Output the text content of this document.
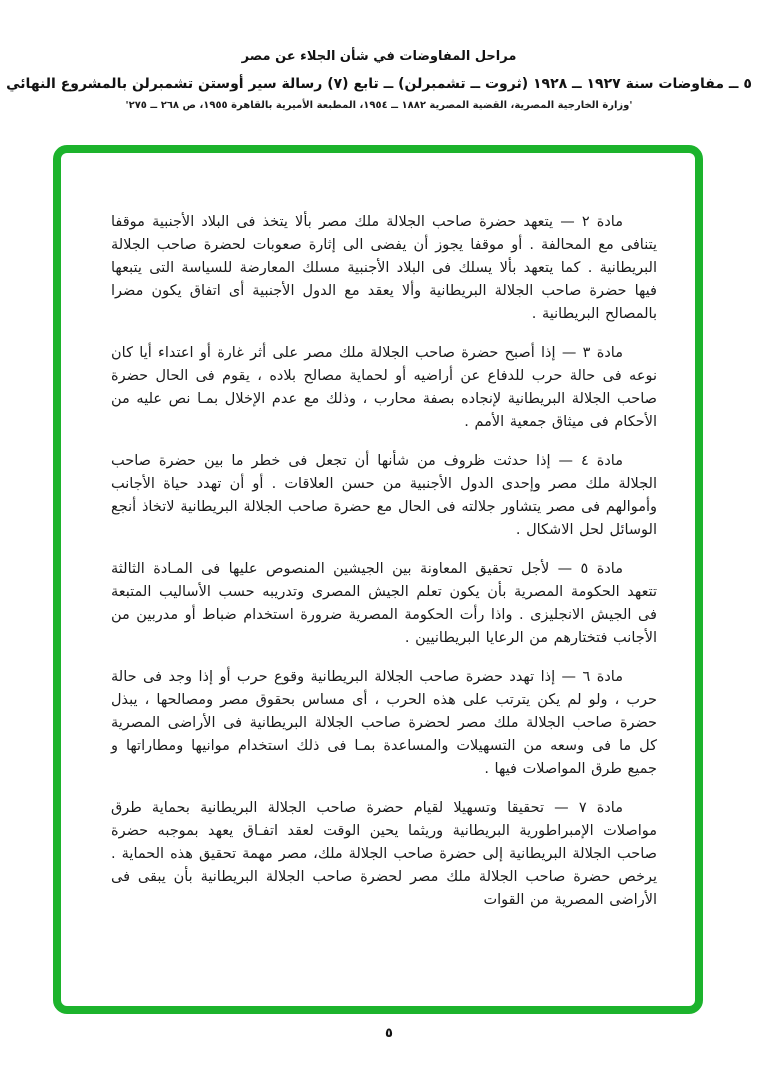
مراحل المفاوضات في شأن الجلاء عن مصر
٥ ــ مفاوضات سنة ١٩٢٧ ــ ١٩٢٨ (ثروت ــ تشمبرلن) ــ تابع (٧) رسالة سير أوستن تشمبرلن بالمشروع النهائي
'وزارة الخارجية المصرية، القضية المصرية ١٨٨٢ ــ ١٩٥٤، المطبعة الأميرية بالقاهرة ١٩٥٥، ص ٢٦٨ ــ ٢٧٥'

مادة ٢ — يتعهد حضرة صاحب الجلالة ملك مصر بألا يتخذ فى البلاد الأجنبية موقفا يتنافى مع المحالفة . أو موقفا يجوز أن يفضى الى إثارة صعوبات لحضرة صاحب الجلالة البريطانية . كما يتعهد بألا يسلك فى البلاد الأجنبية مسلك المعارضة للسياسة التى يتبعها فيها حضرة صاحب الجلالة البريطانية وألا يعقد مع الدول الأجنبية أى اتفاق يكون مضرا بالمصالح البريطانية .

مادة ٣ — إذا أصبح حضرة صاحب الجلالة ملك مصر على أثر غارة أو اعتداء أيا كان نوعه فى حالة حرب للدفاع عن أراضيه أو لحماية مصالح بلاده ، يقوم فى الحال حضرة صاحب الجلالة البريطانية لإنجاده بصفة محارب ، وذلك مع عدم الإخلال بمـا نص عليه من الأحكام فى ميثاق جمعية الأمم .

مادة ٤ — إذا حدثت ظروف من شأنها أن تجعل فى خطر ما بين حضرة صاحب الجلالة ملك مصر وإحدى الدول الأجنبية من حسن العلاقات . أو أن تهدد حياة الأجانب وأموالهم فى مصر يتشاور جلالته فى الحال مع حضرة صاحب الجلالة البريطانية لاتخاذ أنجع الوسائل لحل الاشكال .

مادة ٥ — لأجل تحقيق المعاونة بين الجيشين المنصوص عليها فى المـادة الثالثة تتعهد الحكومة المصرية بأن يكون تعلم الجيش المصرى وتدريبه حسب الأساليب المتبعة فى الجيش الانجليزى . واذا رأت الحكومة المصرية ضرورة استخدام ضباط أو مدربين من الأجانب فتختارهم من الرعايا البريطانيين .

مادة ٦ — إذا تهدد حضرة صاحب الجلالة البريطانية وقوع حرب أو إذا وجد فى حالة حرب ، ولو لم يكن يترتب على هذه الحرب ، أى مساس بحقوق مصر ومصالحها ، يبذل حضرة صاحب الجلالة ملك مصر لحضرة صاحب الجلالة البريطانية فى الأراضى المصرية كل ما فى وسعه من التسهيلات والمساعدة بمـا فى ذلك استخدام موانيها ومطاراتها و جميع طرق المواصلات فيها .

مادة ٧ — تحقيقا وتسهيلا لقيام حضرة صاحب الجلالة البريطانية بحماية طرق مواصلات الإمبراطورية البريطانية وريثما يحين الوقت لعقد اتفـاق يعهد بموجبه حضرة صاحب الجلالة البريطانية إلى حضرة صاحب الجلالة ملك، مصر مهمة تحقيق هذه الحماية . يرخص حضرة صاحب الجلالة ملك مصر لحضرة صاحب الجلالة البريطانية بأن يبقى فى الأراضى المصرية من القوات

٥
